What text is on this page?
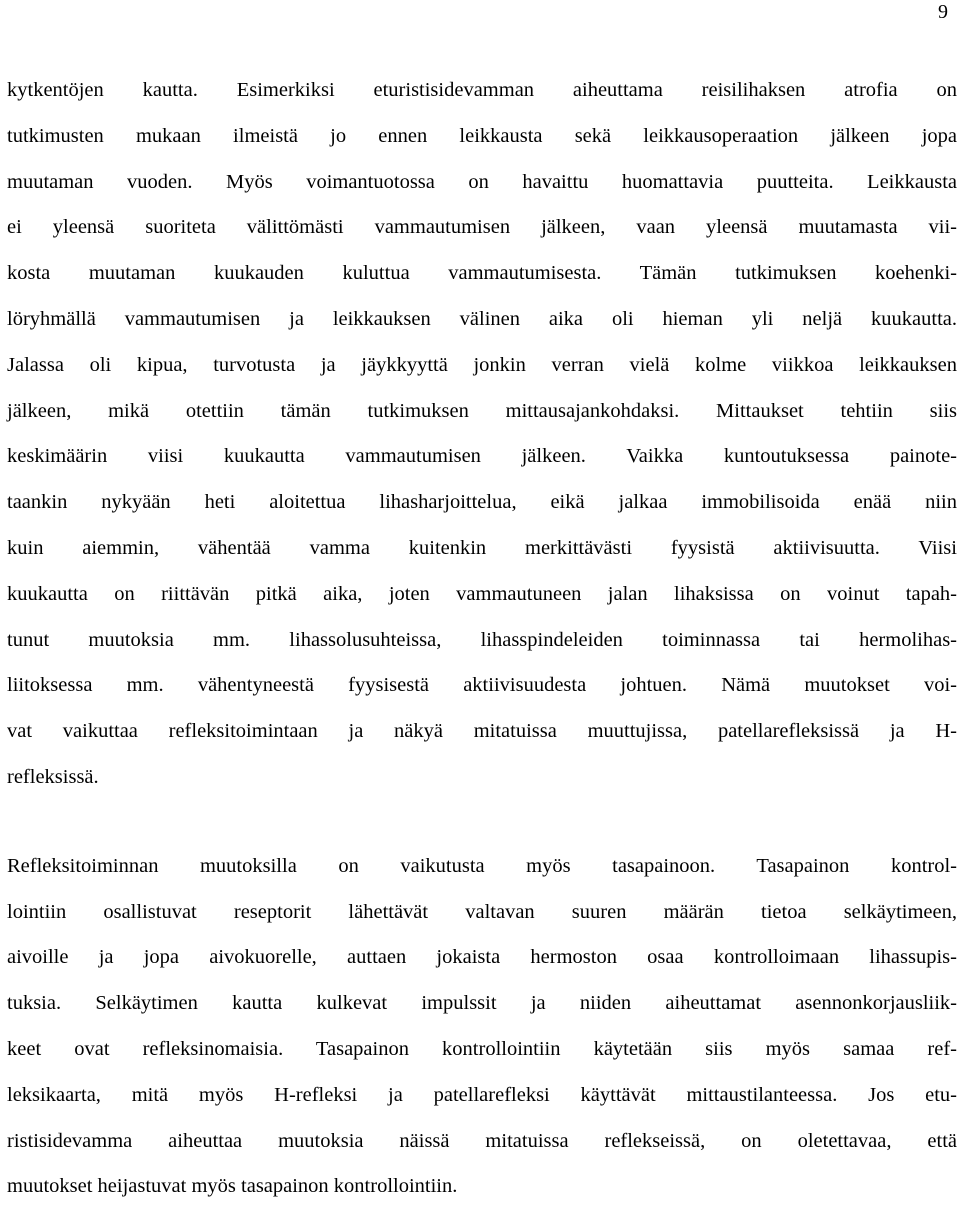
9
kytkentöjen kautta. Esimerkiksi eturistisidevamman aiheuttama reisilihaksen atrofia on
tutkimusten mukaan ilmeistä jo ennen leikkausta sekä leikkausoperaation jälkeen jopa
muutaman vuoden. Myös voimantuotossa on havaittu huomattavia puutteita. Leikkausta
ei yleensä suoriteta välittömästi vammautumisen jälkeen, vaan yleensä muutamasta vii-
kosta muutaman kuukauden kuluttua vammautumisesta. Tämän tutkimuksen koehenki-
löryhmällä vammautumisen ja leikkauksen välinen aika oli hieman yli neljä kuukautta.
Jalassa oli kipua, turvotusta ja jäykkyyttä jonkin verran vielä kolme viikkoa leikkauksen
jälkeen, mikä otettiin tämän tutkimuksen mittausajankohdaksi. Mittaukset tehtiin siis
keskimäärin viisi kuukautta vammautumisen jälkeen. Vaikka kuntoutuksessa painote-
taankin nykyään heti aloitettua lihasharjoittelua, eikä jalkaa immobilisoida enää niin
kuin aiemmin, vähentää vamma kuitenkin merkittävästi fyysistä aktiivisuutta. Viisi
kuukautta on riittävän pitkä aika, joten vammautuneen jalan lihaksissa on voinut tapah-
tunut muutoksia mm. lihassolusuhteissa, lihasspindeleiden toiminnassa tai hermolihas-
liitoksessa mm. vähentyneestä fyysisestä aktiivisuudesta johtuen. Nämä muutokset voi-
vat vaikuttaa refleksitoimintaan ja näkyä mitatuissa muuttujissa, patellarefleksissä ja H-
refleksissä.
Refleksitoiminnan muutoksilla on vaikutusta myös tasapainoon. Tasapainon kontrol-
lointiin osallistuvat reseptorit lähettävät valtavan suuren määrän tietoa selkäytimeen,
aivoille ja jopa aivokuorelle, auttaen jokaista hermoston osaa kontrolloimaan lihassupis-
tuksia. Selkäytimen kautta kulkevat impulssit ja niiden aiheuttamat asennonkorjausliik-
keet ovat refleksinomaisia. Tasapainon kontrollointiin käytetään siis myös samaa ref-
leksikaarta, mitä myös H-refleksi ja patellarefleksi käyttävät mittaustilanteessa. Jos etu-
ristisidevamma aiheuttaa muutoksia näissä mitatuissa reflekseissä, on oletettavaa, että
muutokset heijastuvat myös tasapainon kontrollointiin.
